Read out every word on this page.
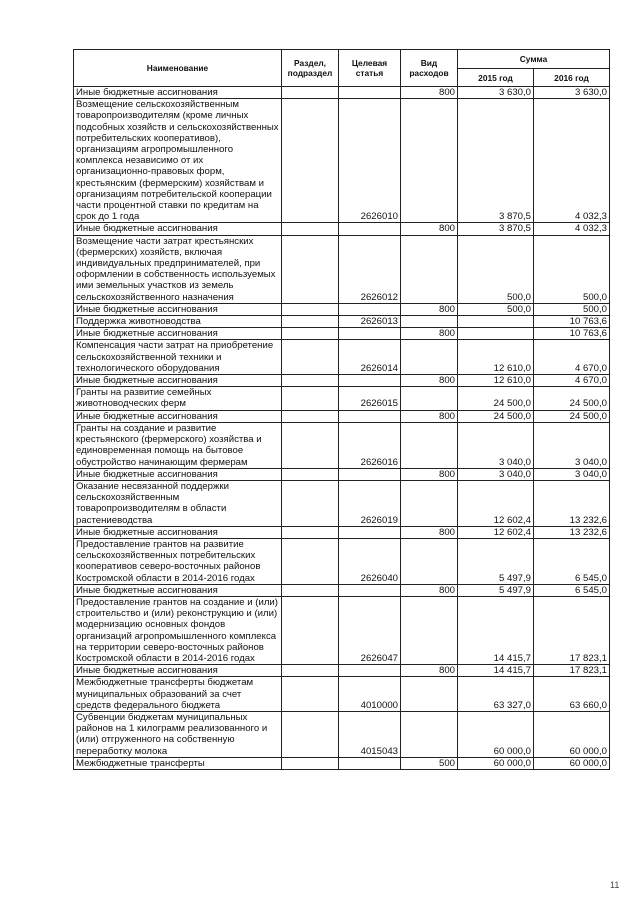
Наименование	Раздел, подраздел	Целевая статья	Вид расходов	Сумма	
				2015 год	2016 год
Иные бюджетные ассигнования			800	3 630,0	3 630,0
Возмещение сельскохозяйственным товаропроизводителям (кроме личных подсобных хозяйств и сельскохозяйственных потребительских кооперативов), организациям агропромышленного комплекса независимо от их организационно-правовых форм, крестьянским (фермерским) хозяйствам и организациям потребительской кооперации части процентной ставки по кредитам на срок до 1 года		2626010		3 870,5	4 032,3
Иные бюджетные ассигнования			800	3 870,5	4 032,3
Возмещение части затрат крестьянских (фермерских) хозяйств, включая индивидуальных предпринимателей, при оформлении в собственность используемых ими земельных участков из земель сельскохозяйственного назначения		2626012		500,0	500,0
Иные бюджетные ассигнования			800	500,0	500,0
Поддержка животноводства		2626013			10 763,6
Иные бюджетные ассигнования			800		10 763,6
Компенсация части затрат на приобретение сельскохозяйственной техники и технологического оборудования		2626014		12 610,0	4 670,0
Иные бюджетные ассигнования			800	12 610,0	4 670,0
Гранты на развитие семейных животноводческих ферм		2626015		24 500,0	24 500,0
Иные бюджетные ассигнования			800	24 500,0	24 500,0
Гранты на создание и развитие крестьянского (фермерского) хозяйства и единовременная помощь на бытовое обустройство начинающим фермерам		2626016		3 040,0	3 040,0
Иные бюджетные ассигнования			800	3 040,0	3 040,0
Оказание несвязанной поддержки сельскохозяйственным товаропроизводителям в области растениеводства		2626019		12 602,4	13 232,6
Иные бюджетные ассигнования			800	12 602,4	13 232,6
Предоставление грантов на развитие сельскохозяйственных потребительских кооперативов северо-восточных районов Костромской области в 2014-2016 годах		2626040		5 497,9	6 545,0
Иные бюджетные ассигнования			800	5 497,9	6 545,0
Предоставление грантов на создание и (или) строительство и (или) реконструкцию и (или) модернизацию основных фондов организаций агропромышленного комплекса на территории северо-восточных районов Костромской области в 2014-2016 годах		2626047		14 415,7	17 823,1
Иные бюджетные ассигнования			800	14 415,7	17 823,1
Межбюджетные трансферты бюджетам муниципальных образований за счет средств федерального бюджета		4010000		63 327,0	63 660,0
Субвенции бюджетам муниципальных районов на 1 килограмм реализованного и (или) отгруженного на собственную переработку молока		4015043		60 000,0	60 000,0
Межбюджетные трансферты			500	60 000,0	60 000,0
11
